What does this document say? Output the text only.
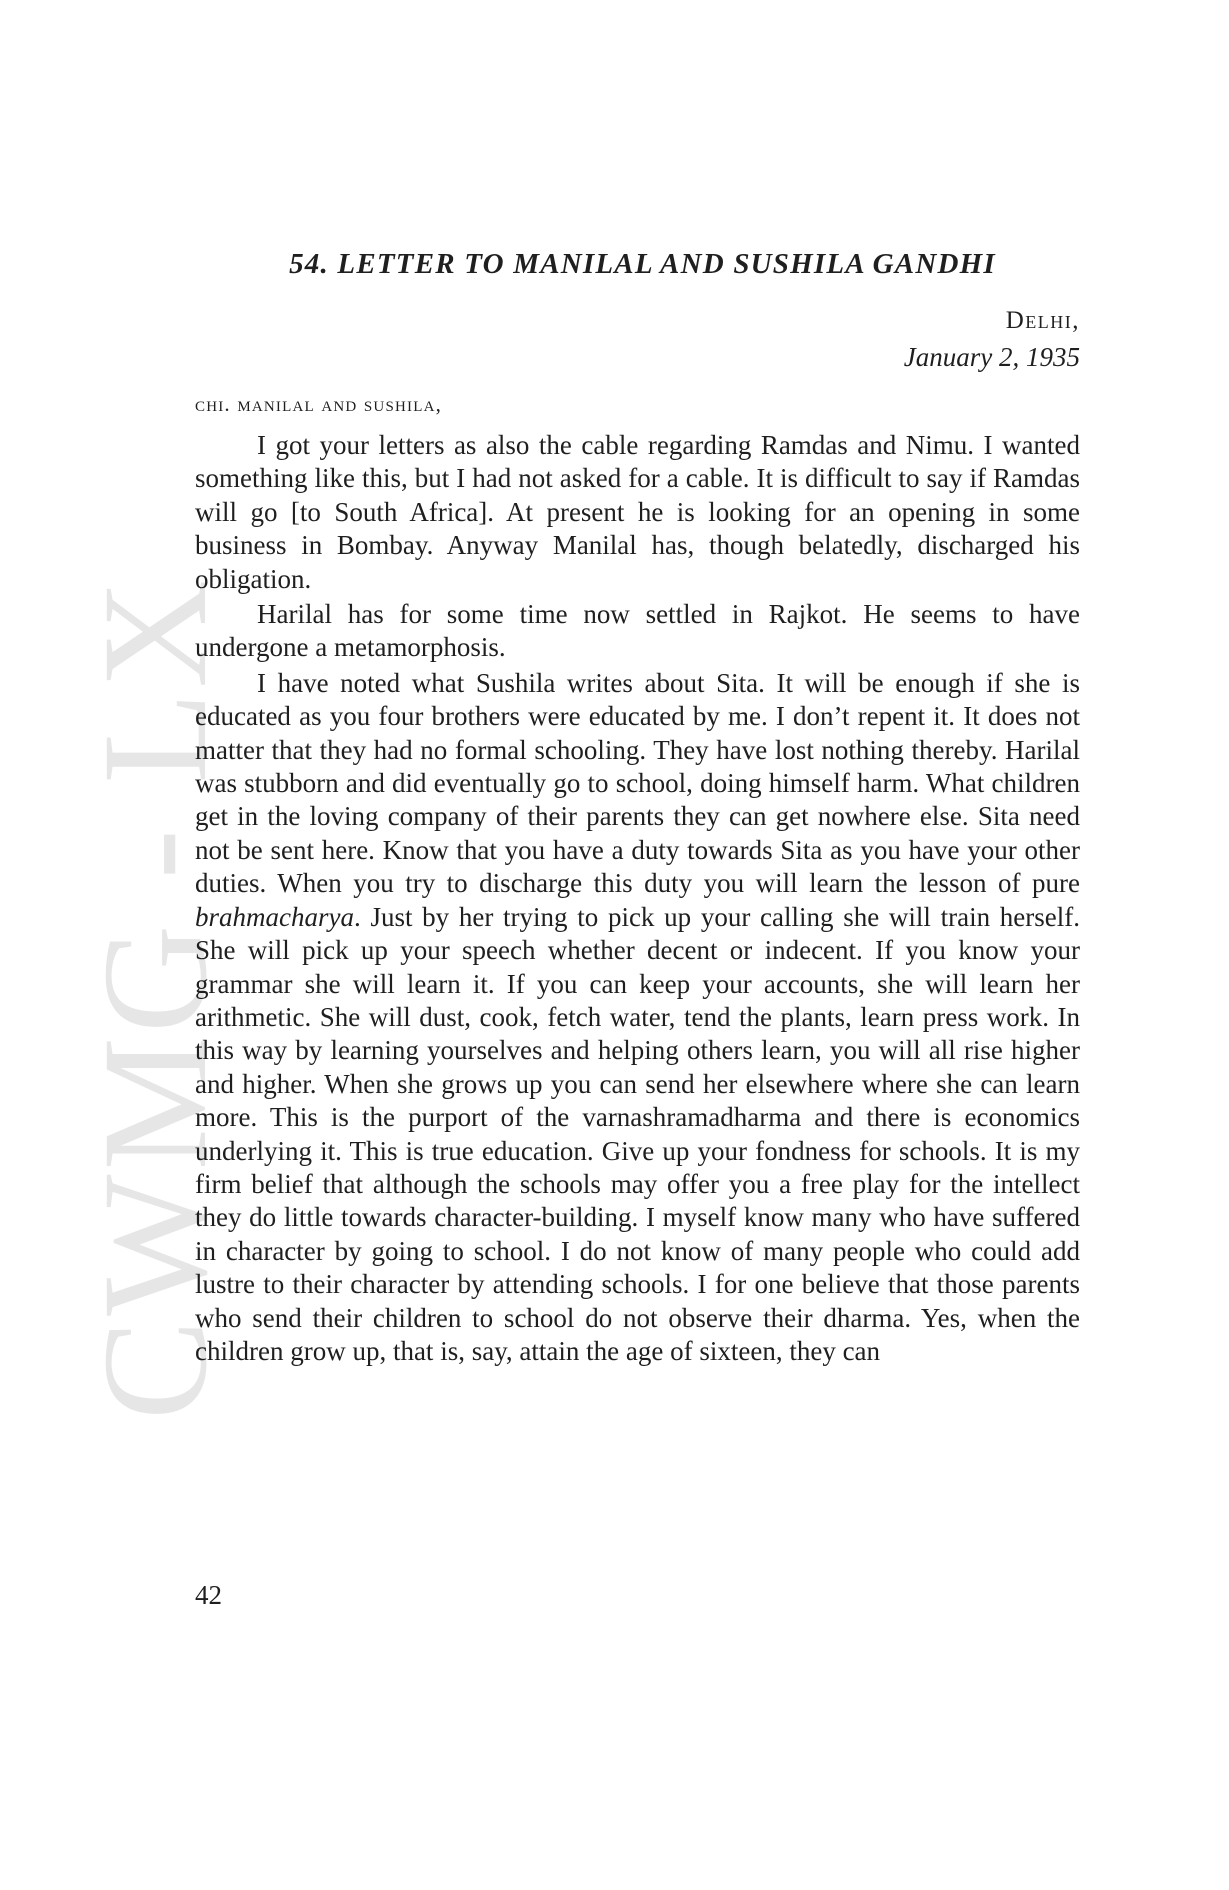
CWMG - LX
54. LETTER TO MANILAL AND SUSHILA GANDHI

Delhi,

January 2, 1935

chi. manilal and sushila,

I got your letters as also the cable regarding Ramdas and Nimu. I wanted something like this, but I had not asked for a cable. It is difficult to say if Ramdas will go [to South Africa]. At present he is looking for an opening in some business in Bombay. Anyway Manilal has, though belatedly, discharged his obligation.

Harilal has for some time now settled in Rajkot. He seems to have undergone a metamorphosis.

I have noted what Sushila writes about Sita. It will be enough if she is educated as you four brothers were educated by me. I don’t repent it. It does not matter that they had no formal schooling. They have lost nothing thereby. Harilal was stubborn and did eventually go to school, doing himself harm. What children get in the loving company of their parents they can get nowhere else. Sita need not be sent here. Know that you have a duty towards Sita as you have your other duties. When you try to discharge this duty you will learn the lesson of pure brahmacharya. Just by her trying to pick up your calling she will train herself. She will pick up your speech whether decent or indecent. If you know your grammar she will learn it. If you can keep your accounts, she will learn her arithmetic. She will dust, cook, fetch water, tend the plants, learn press work. In this way by learning yourselves and helping others learn, you will all rise higher and higher. When she grows up you can send her elsewhere where she can learn more. This is the purport of the varnashramadharma and there is economics underlying it. This is true education. Give up your fondness for schools. It is my firm belief that although the schools may offer you a free play for the intellect they do little towards character-building. I myself know many who have suffered in character by going to school. I do not know of many people who could add lustre to their character by attending schools. I for one believe that those parents who send their children to school do not observe their dharma. Yes, when the children grow up, that is, say, attain the age of sixteen, they can

42
